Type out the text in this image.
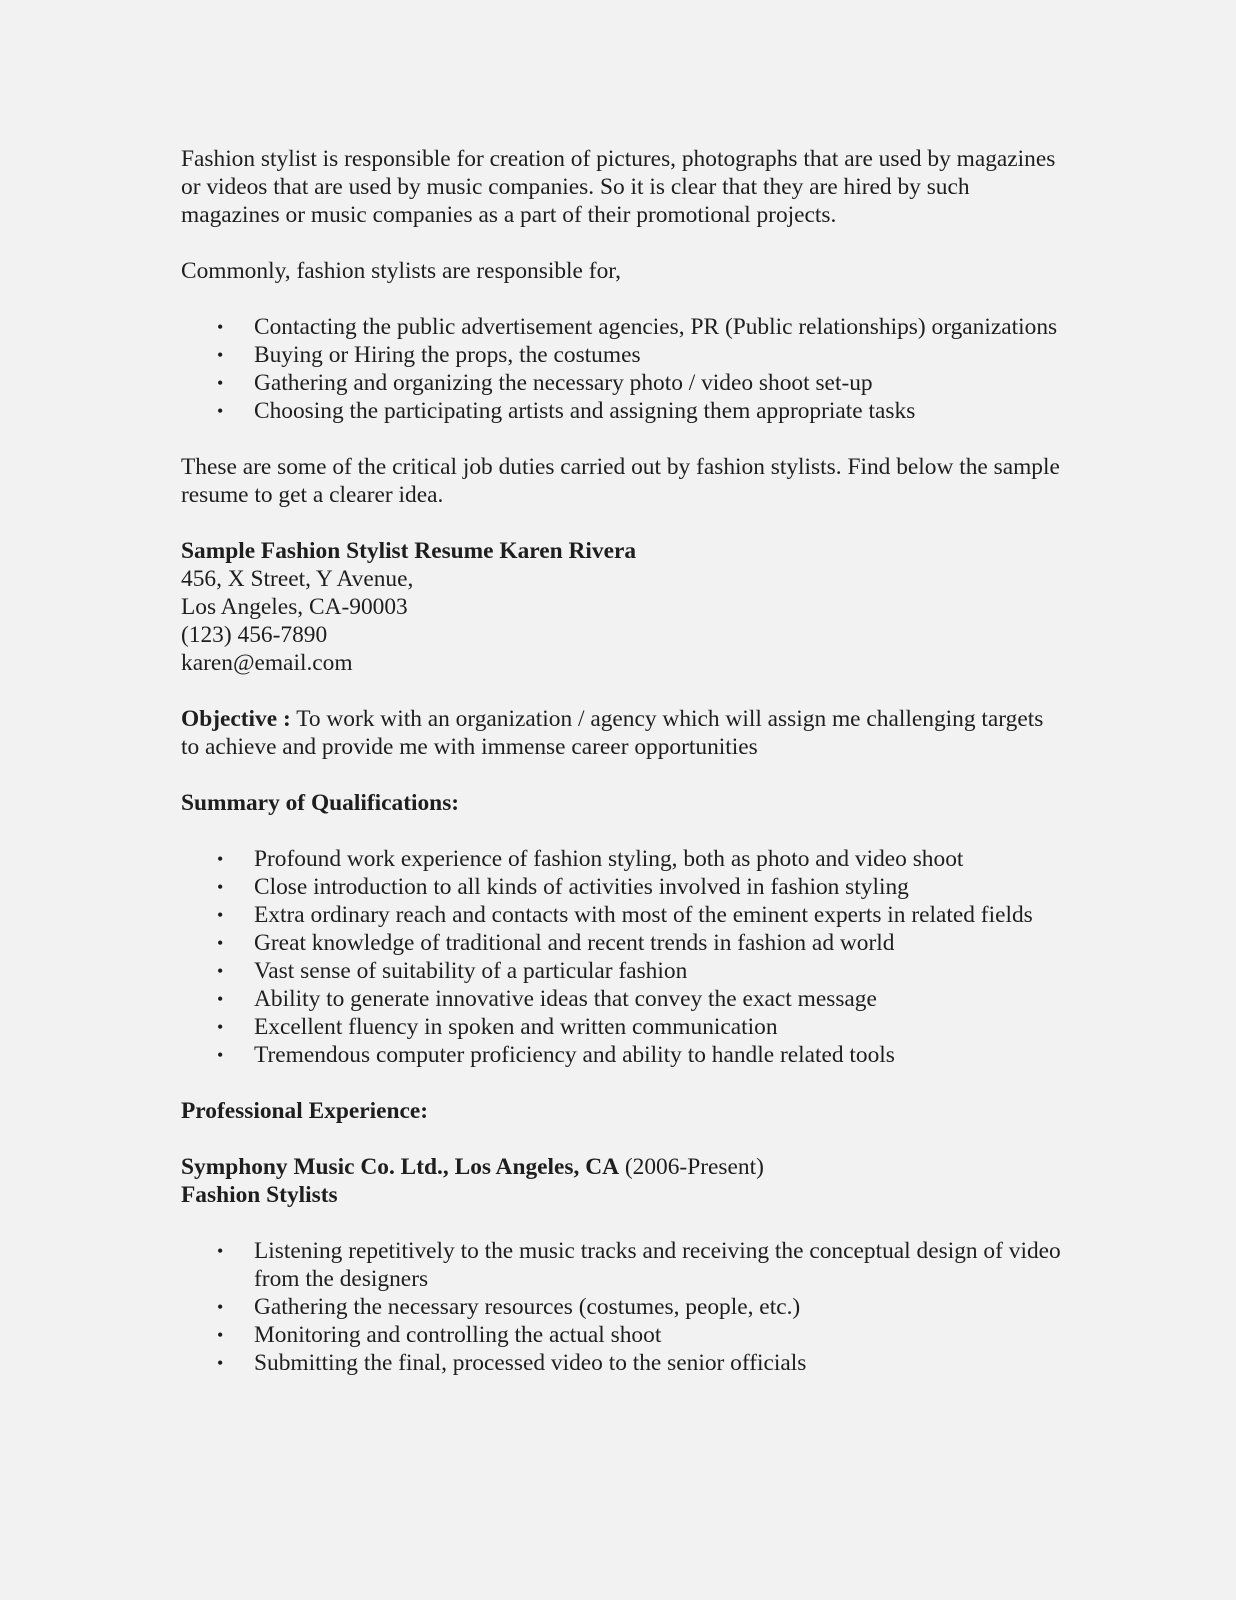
Fashion stylist is responsible for creation of pictures, photographs that are used by magazines or videos that are used by music companies. So it is clear that they are hired by such magazines or music companies as a part of their promotional projects.

Commonly, fashion stylists are responsible for,

• Contacting the public advertisement agencies, PR (Public relationships) organizations
• Buying or Hiring the props, the costumes
• Gathering and organizing the necessary photo / video shoot set-up
• Choosing the participating artists and assigning them appropriate tasks

These are some of the critical job duties carried out by fashion stylists. Find below the sample resume to get a clearer idea.

Sample Fashion Stylist Resume Karen Rivera
456, X Street, Y Avenue,
Los Angeles, CA-90003
(123) 456-7890
karen@email.com

Objective : To work with an organization / agency which will assign me challenging targets to achieve and provide me with immense career opportunities

Summary of Qualifications:

• Profound work experience of fashion styling, both as photo and video shoot
• Close introduction to all kinds of activities involved in fashion styling
• Extra ordinary reach and contacts with most of the eminent experts in related fields
• Great knowledge of traditional and recent trends in fashion ad world
• Vast sense of suitability of a particular fashion
• Ability to generate innovative ideas that convey the exact message
• Excellent fluency in spoken and written communication
• Tremendous computer proficiency and ability to handle related tools

Professional Experience:

Symphony Music Co. Ltd., Los Angeles, CA (2006-Present)
Fashion Stylists
• Listening repetitively to the music tracks and receiving the conceptual design of video from the designers
• Gathering the necessary resources (costumes, people, etc.)
• Monitoring and controlling the actual shoot
• Submitting the final, processed video to the senior officials
